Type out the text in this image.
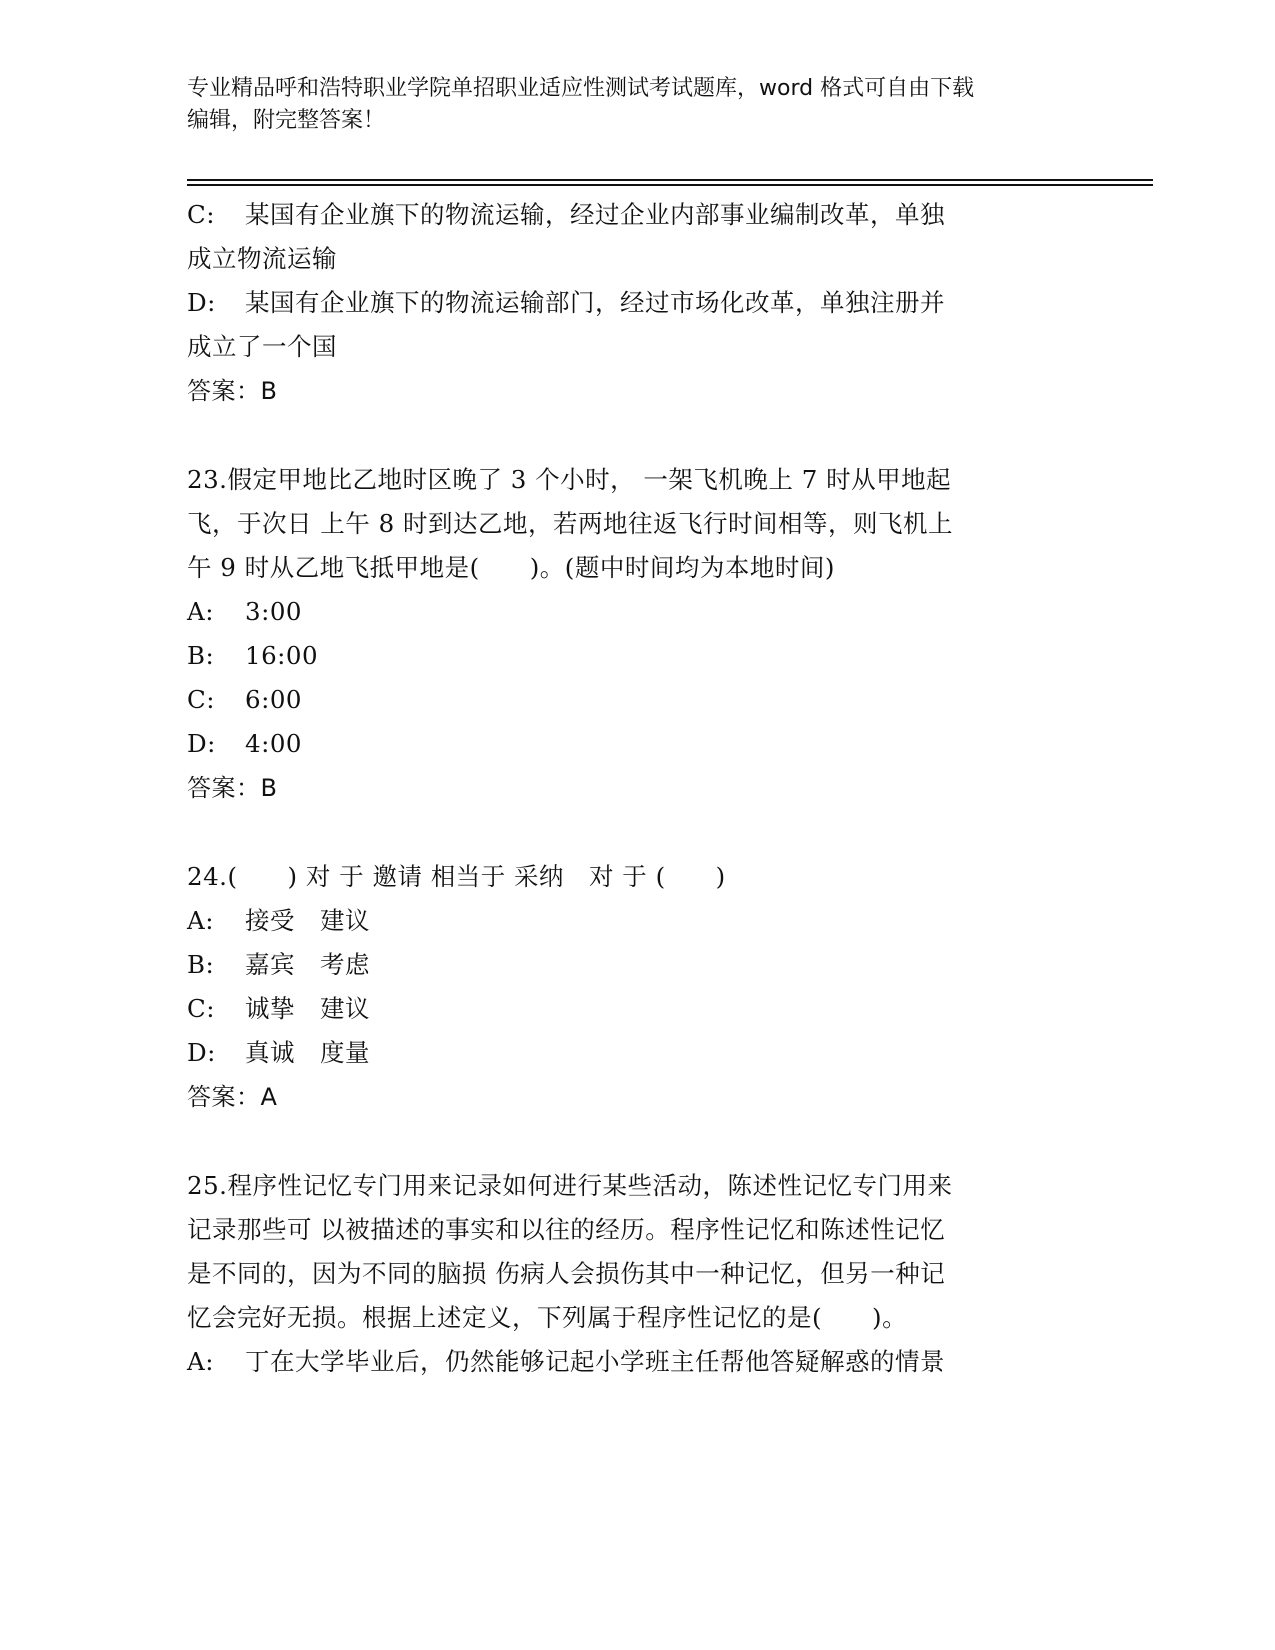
专业精品呼和浩特职业学院单招职业适应性测试考试题库，word 格式可自由下载
编辑，附完整答案！
C: 某国有企业旗下的物流运输，经过企业内部事业编制改革，单独
成立物流运输
D: 某国有企业旗下的物流运输部门，经过市场化改革，单独注册并
成立了一个国
答案：B
23.假定甲地比乙地时区晚了 3 个小时， 一架飞机晚上 7 时从甲地起
飞，于次日 上午 8 时到达乙地，若两地往返飞行时间相等，则飞机上
午 9 时从乙地飞抵甲地是(　　)。(题中时间均为本地时间)
A: 3:00
B: 16:00
C: 6:00
D: 4:00
答案：B
24.(　　) 对 于 邀请 相当于 采纳　对 于 (　　)
A: 接受　建议
B: 嘉宾　考虑
C: 诚挚　建议
D: 真诚　度量
答案：A
25.程序性记忆专门用来记录如何进行某些活动，陈述性记忆专门用来
记录那些可 以被描述的事实和以往的经历。程序性记忆和陈述性记忆
是不同的，因为不同的脑损 伤病人会损伤其中一种记忆，但另一种记
忆会完好无损。根据上述定义，下列属于程序性记忆的是(　　)。
A: 丁在大学毕业后，仍然能够记起小学班主任帮他答疑解惑的情景
